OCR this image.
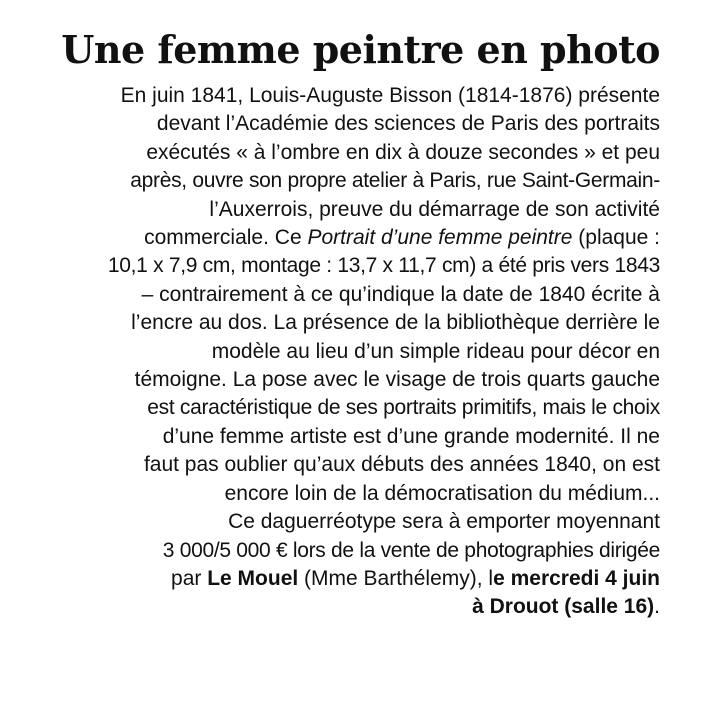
Une femme peintre en photo

En juin 1841, Louis-Auguste Bisson (1814-1876) présente
devant l’Académie des sciences de Paris des portraits
exécutés « à l’ombre en dix à douze secondes » et peu
après, ouvre son propre atelier à Paris, rue Saint-Germain-
l’Auxerrois, preuve du démarrage de son activité
commerciale. Ce Portrait d’une femme peintre (plaque :
10,1 x 7,9 cm, montage : 13,7 x 11,7 cm) a été pris vers 1843
– contrairement à ce qu’indique la date de 1840 écrite à
l’encre au dos. La présence de la bibliothèque derrière le
modèle au lieu d’un simple rideau pour décor en
témoigne. La pose avec le visage de trois quarts gauche
est caractéristique de ses portraits primitifs, mais le choix
d’une femme artiste est d’une grande modernité. Il ne
faut pas oublier qu’aux débuts des années 1840, on est
encore loin de la démocratisation du médium...
Ce daguerréotype sera à emporter moyennant
3 000/5 000 € lors de la vente de photographies dirigée
par Le Mouel (Mme Barthélemy), le mercredi 4 juin
à Drouot (salle 16).
